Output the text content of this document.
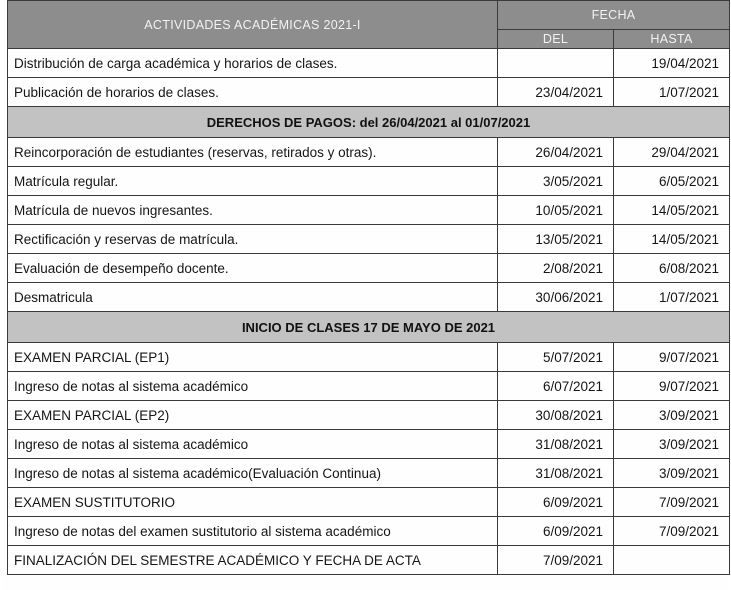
ACTIVIDADES ACADÉMICAS 2021-I	FECHA	
	DEL	HASTA
Distribución de carga académica y horarios de clases.		19/04/2021
Publicación de horarios de clases.	23/04/2021	1/07/2021
DERECHOS DE PAGOS: del 26/04/2021 al 01/07/2021		
Reincorporación de estudiantes (reservas, retirados y otras).	26/04/2021	29/04/2021
Matrícula regular.	3/05/2021	6/05/2021
Matrícula de nuevos ingresantes.	10/05/2021	14/05/2021
Rectificación y reservas de matrícula.	13/05/2021	14/05/2021
Evaluación de desempeño docente.	2/08/2021	6/08/2021
Desmatricula	30/06/2021	1/07/2021
INICIO DE CLASES 17 DE MAYO DE 2021		
EXAMEN PARCIAL (EP1)	5/07/2021	9/07/2021
Ingreso de notas al sistema académico	6/07/2021	9/07/2021
EXAMEN PARCIAL (EP2)	30/08/2021	3/09/2021
Ingreso de notas al sistema académico	31/08/2021	3/09/2021
Ingreso de notas al sistema académico(Evaluación Continua)	31/08/2021	3/09/2021
EXAMEN SUSTITUTORIO	6/09/2021	7/09/2021
Ingreso de notas del examen sustitutorio al sistema académico	6/09/2021	7/09/2021
FINALIZACIÓN DEL SEMESTRE ACADÉMICO Y FECHA DE ACTA	7/09/2021	
